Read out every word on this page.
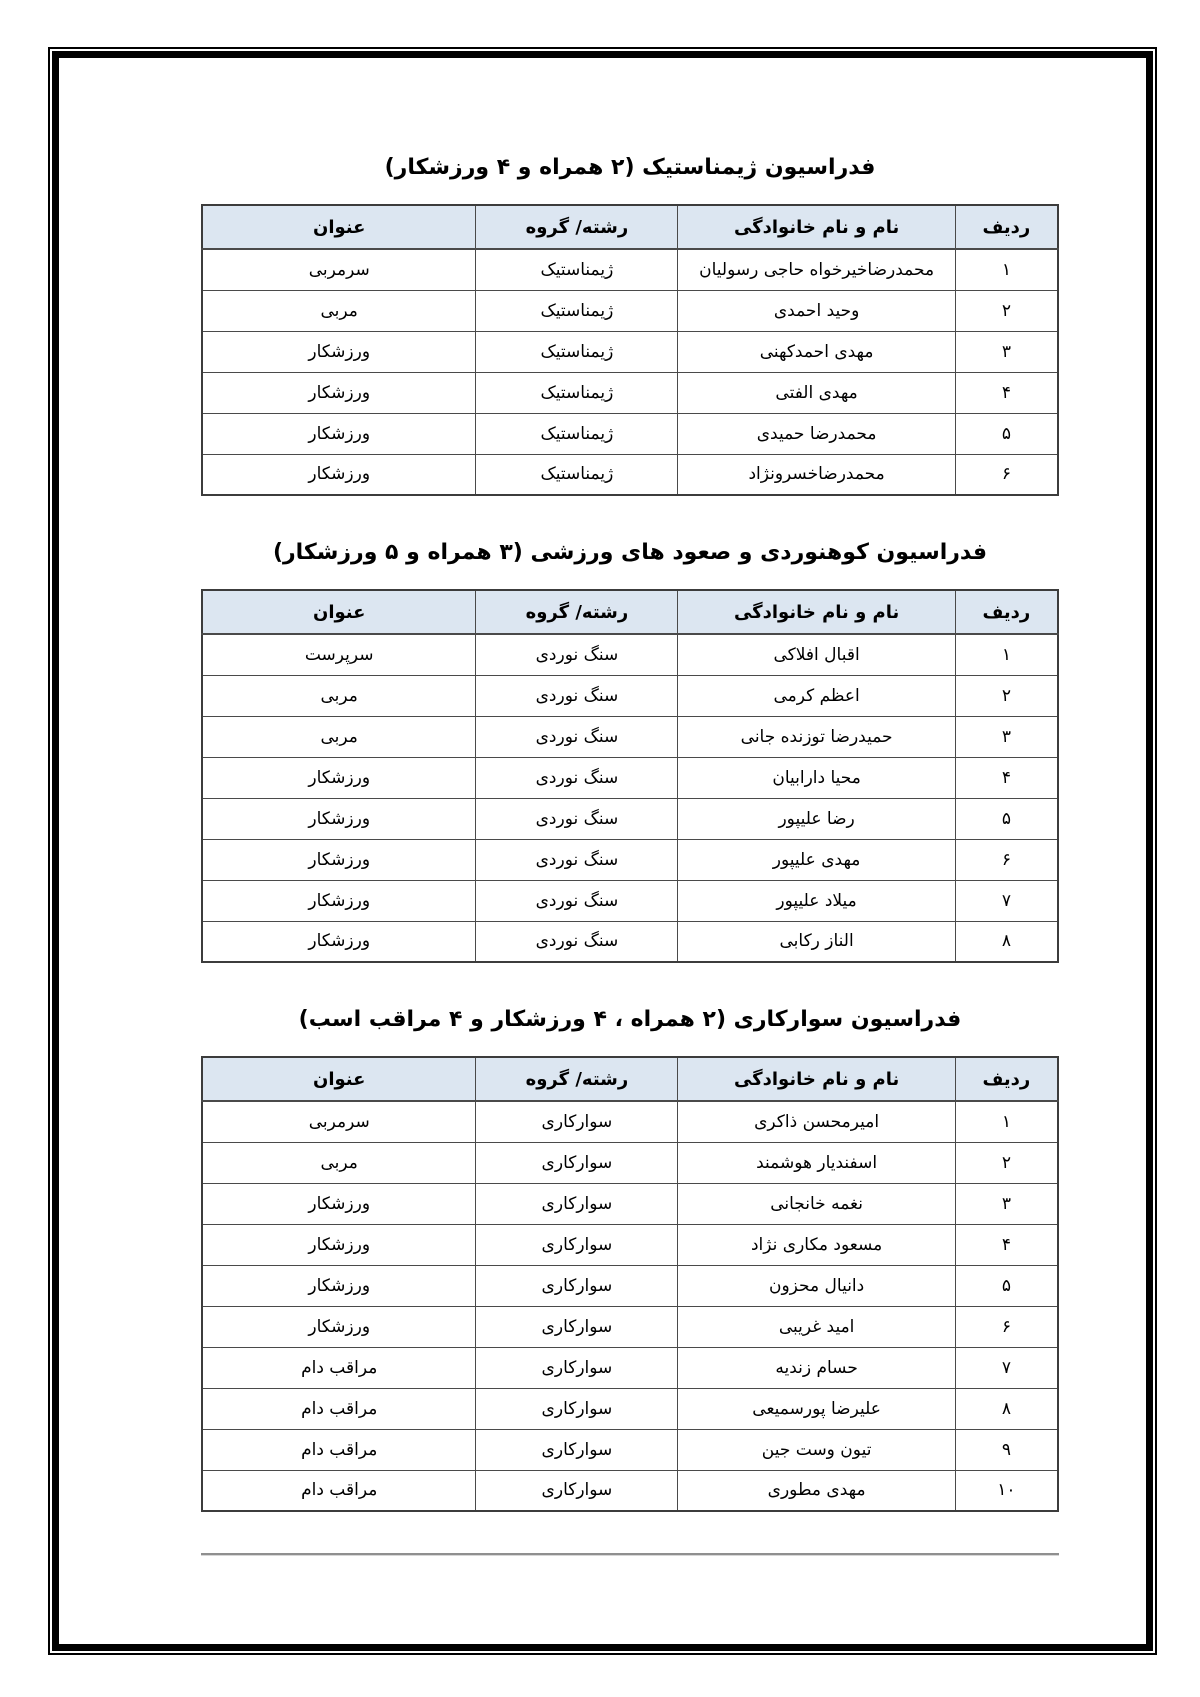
فدراسیون ژیمناستیک (۲ همراه و ۴ ورزشکار)
ردیف	نام و نام خانوادگی	رشته/ گروه	عنوان
۱	محمدرضاخیرخواه حاجی رسولیان	ژیمناستیک	سرمربی
۲	وحید احمدی	ژیمناستیک	مربی
۳	مهدی احمدکهنی	ژیمناستیک	ورزشکار
۴	مهدی الفتی	ژیمناستیک	ورزشکار
۵	محمدرضا حمیدی	ژیمناستیک	ورزشکار
۶	محمدرضاخسرونژاد	ژیمناستیک	ورزشکار
فدراسیون کوهنوردی و صعود های ورزشی (۳ همراه و ۵ ورزشکار)
ردیف	نام و نام خانوادگی	رشته/ گروه	عنوان
۱	اقبال افلاکی	سنگ نوردی	سرپرست
۲	اعظم کرمی	سنگ نوردی	مربی
۳	حمیدرضا توزنده جانی	سنگ نوردی	مربی
۴	محیا دارابیان	سنگ نوردی	ورزشکار
۵	رضا علیپور	سنگ نوردی	ورزشکار
۶	مهدی علیپور	سنگ نوردی	ورزشکار
۷	میلاد علیپور	سنگ نوردی	ورزشکار
۸	الناز رکابی	سنگ نوردی	ورزشکار
فدراسیون سوارکاری (۲ همراه ، ۴ ورزشکار و ۴ مراقب اسب)
ردیف	نام و نام خانوادگی	رشته/ گروه	عنوان
۱	امیرمحسن ذاکری	سوارکاری	سرمربی
۲	اسفندیار هوشمند	سوارکاری	مربی
۳	نغمه خانجانی	سوارکاری	ورزشکار
۴	مسعود مکاری نژاد	سوارکاری	ورزشکار
۵	دانیال محزون	سوارکاری	ورزشکار
۶	امید غریبی	سوارکاری	ورزشکار
۷	حسام زندیه	سوارکاری	مراقب دام
۸	علیرضا پورسمیعی	سوارکاری	مراقب دام
۹	تیون وست جین	سوارکاری	مراقب دام
۱۰	مهدی مطوری	سوارکاری	مراقب دام
